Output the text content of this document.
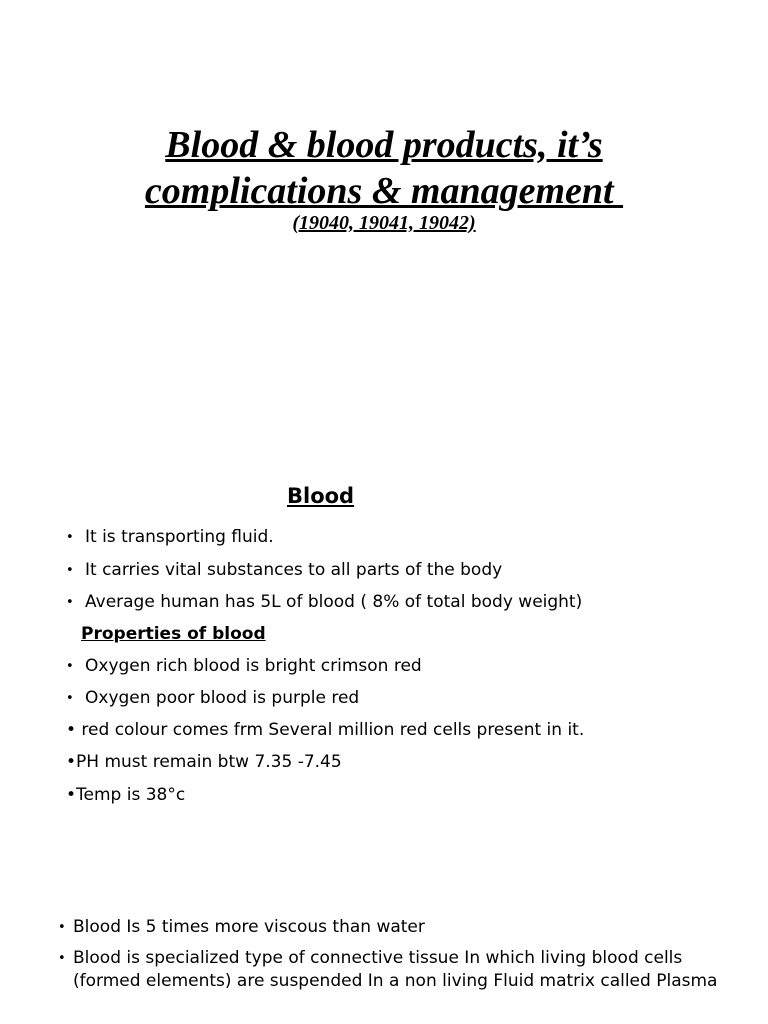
Blood & blood products, it’s
complications & management
(19040, 19041, 19042)
Blood
• It is transporting fluid.
• It carries vital substances to all parts of the body
• Average human has 5L of blood ( 8% of total body weight)
Properties of blood
• Oxygen rich blood is bright crimson red
• Oxygen poor blood is purple red
• red colour comes frm Several million red cells present in it.
•PH must remain btw 7.35 -7.45
•Temp is 38°c
• Blood Is 5 times more viscous than water
• Blood is specialized type of connective tissue In which living blood cells (formed elements) are suspended In a non living Fluid matrix called Plasma
